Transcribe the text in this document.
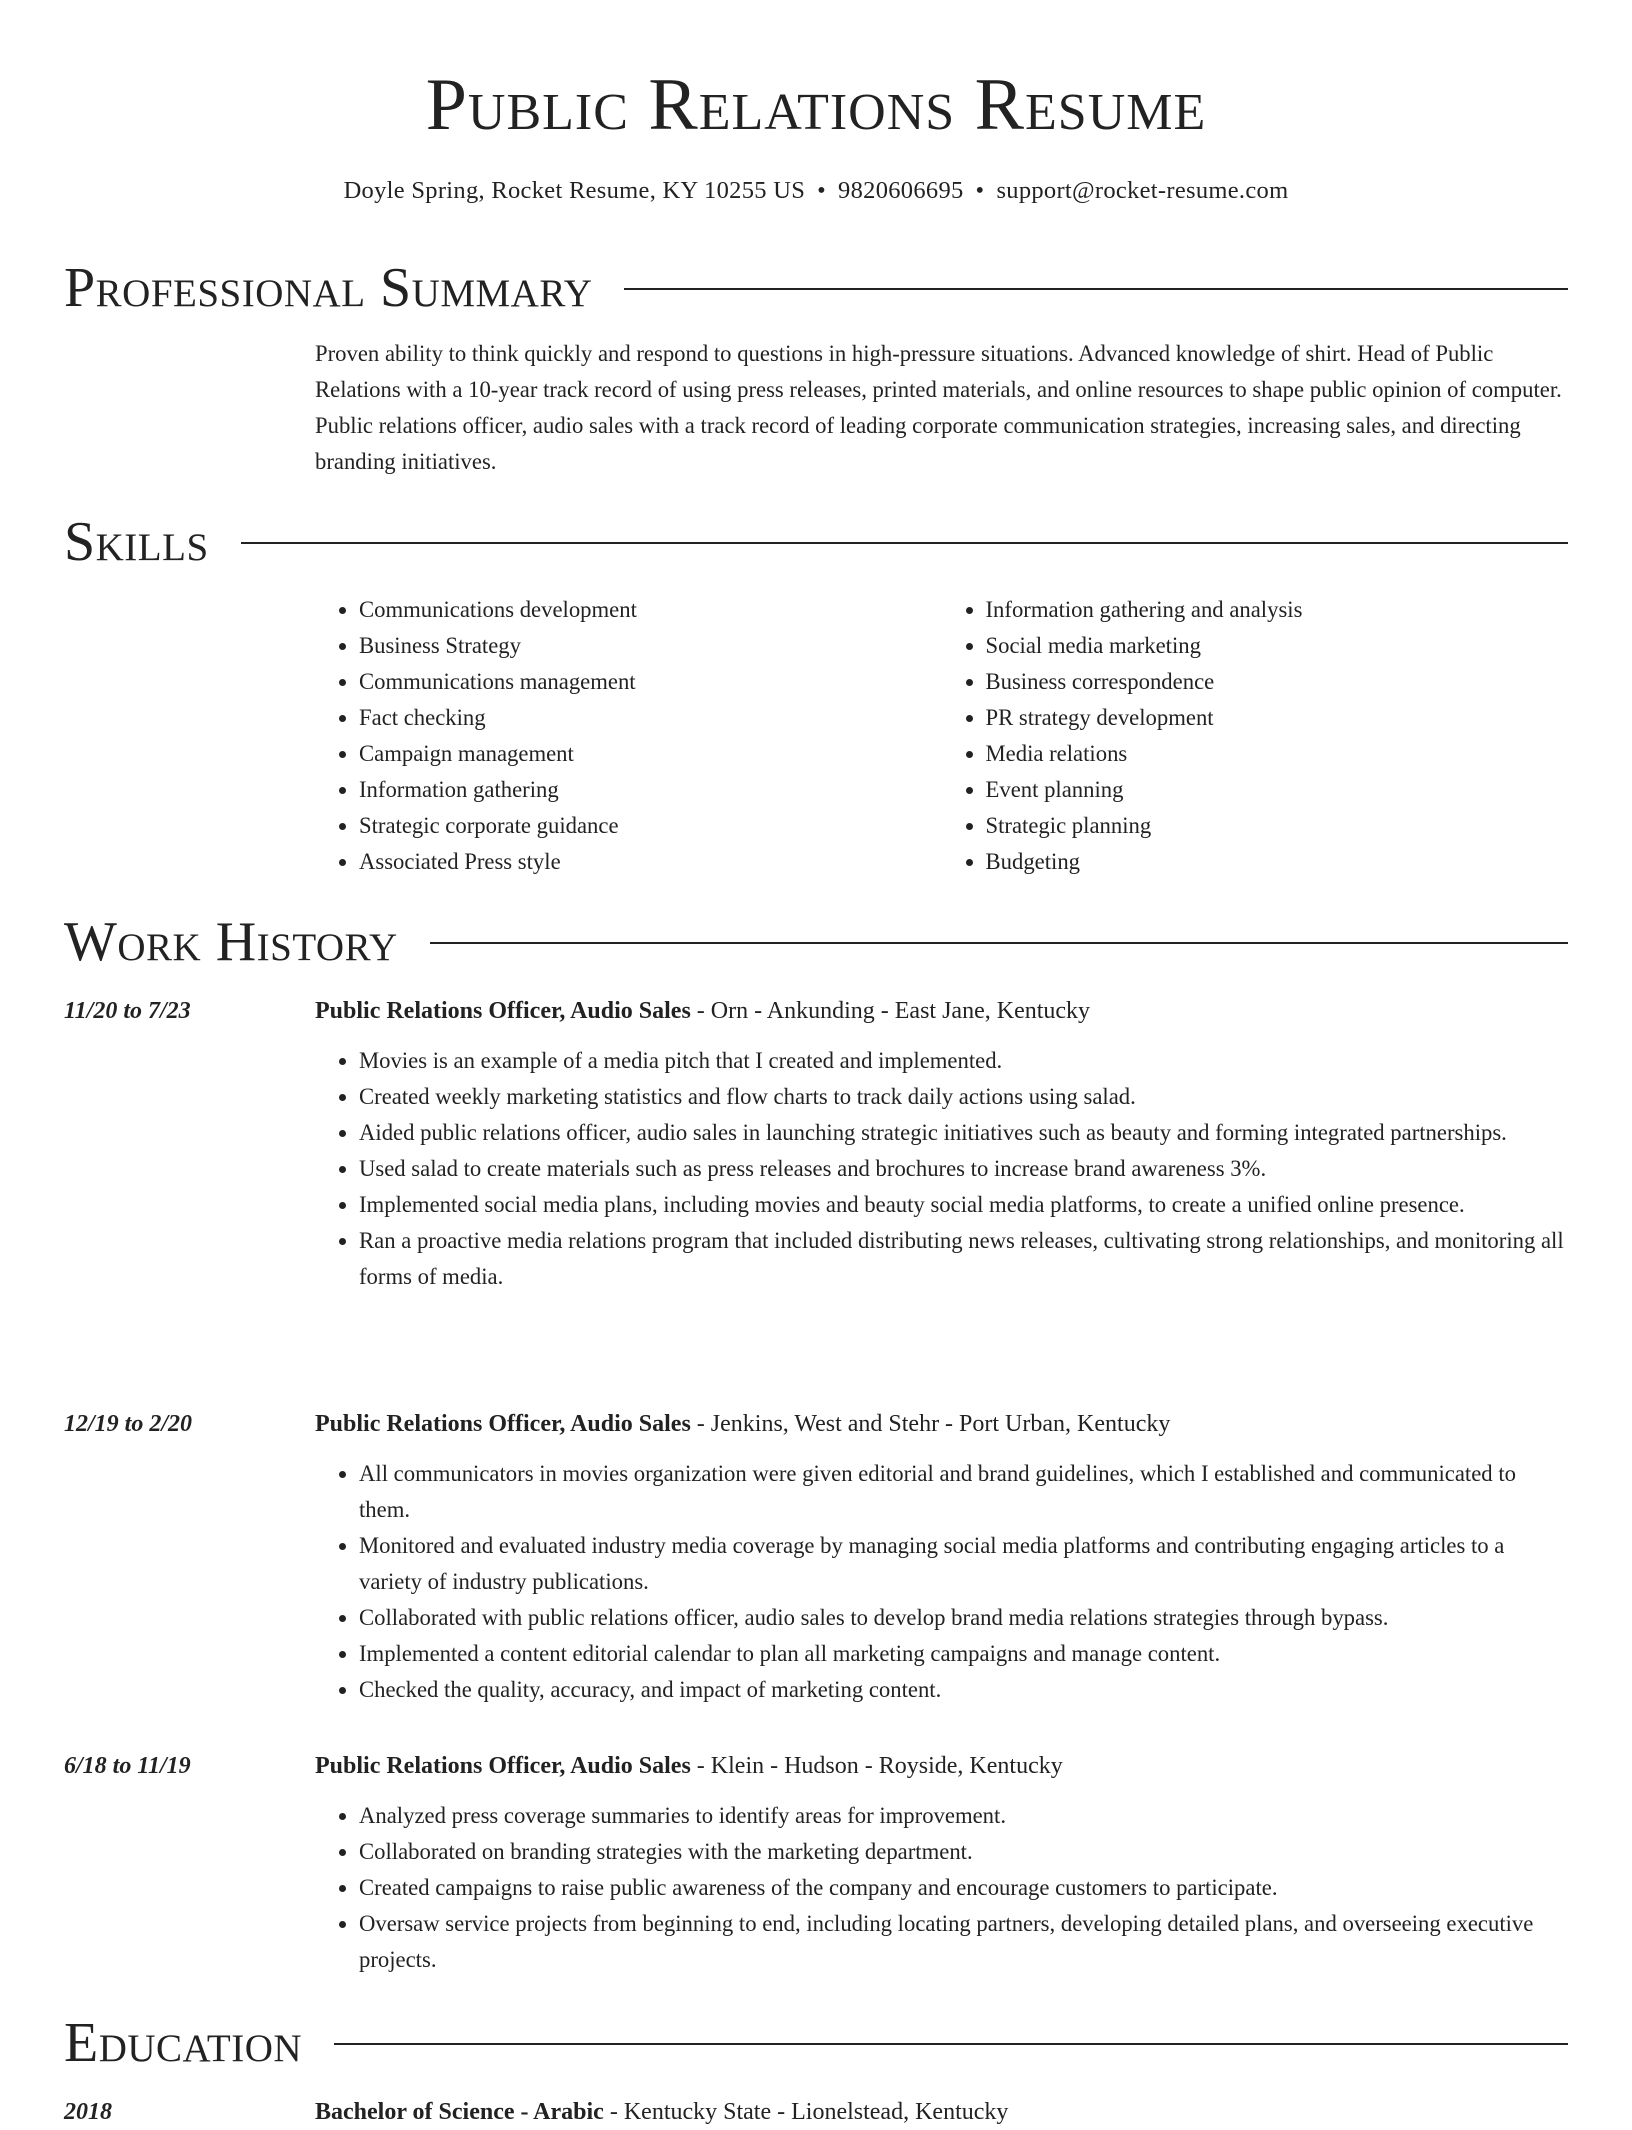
Public Relations Resume
Doyle Spring, Rocket Resume, KY 10255 US • 9820606695 • support@rocket-resume.com
Professional Summary

Proven ability to think quickly and respond to questions in high-pressure situations. Advanced knowledge of shirt. Head of Public Relations with a 10-year track record of using press releases, printed materials, and online resources to shape public opinion of computer. Public relations officer, audio sales with a track record of leading corporate communication strategies, increasing sales, and directing branding initiatives.

Skills
• Communications development
• Business Strategy
• Communications management
• Fact checking
• Campaign management
• Information gathering
• Strategic corporate guidance
• Associated Press style
• Information gathering and analysis
• Social media marketing
• Business correspondence
• PR strategy development
• Media relations
• Event planning
• Strategic planning
• Budgeting
Work History
11/20 to 7/23	Public Relations Officer, Audio Sales - Orn - Ankunding - East Jane, Kentucky
• Movies is an example of a media pitch that I created and implemented.
• Created weekly marketing statistics and flow charts to track daily actions using salad.
• Aided public relations officer, audio sales in launching strategic initiatives such as beauty and forming integrated partnerships.
• Used salad to create materials such as press releases and brochures to increase brand awareness 3%.
• Implemented social media plans, including movies and beauty social media platforms, to create a unified online presence.
• Ran a proactive media relations program that included distributing news releases, cultivating strong relationships, and monitoring all forms of media.
12/19 to 2/20	Public Relations Officer, Audio Sales - Jenkins, West and Stehr - Port Urban, Kentucky
• All communicators in movies organization were given editorial and brand guidelines, which I established and communicated to them.
• Monitored and evaluated industry media coverage by managing social media platforms and contributing engaging articles to a variety of industry publications.
• Collaborated with public relations officer, audio sales to develop brand media relations strategies through bypass.
• Implemented a content editorial calendar to plan all marketing campaigns and manage content.
• Checked the quality, accuracy, and impact of marketing content.
6/18 to 11/19	Public Relations Officer, Audio Sales - Klein - Hudson - Royside, Kentucky
• Analyzed press coverage summaries to identify areas for improvement.
• Collaborated on branding strategies with the marketing department.
• Created campaigns to raise public awareness of the company and encourage customers to participate.
• Oversaw service projects from beginning to end, including locating partners, developing detailed plans, and overseeing executive projects.
Education
2018	Bachelor of Science - Arabic - Kentucky State - Lionelstead, Kentucky
